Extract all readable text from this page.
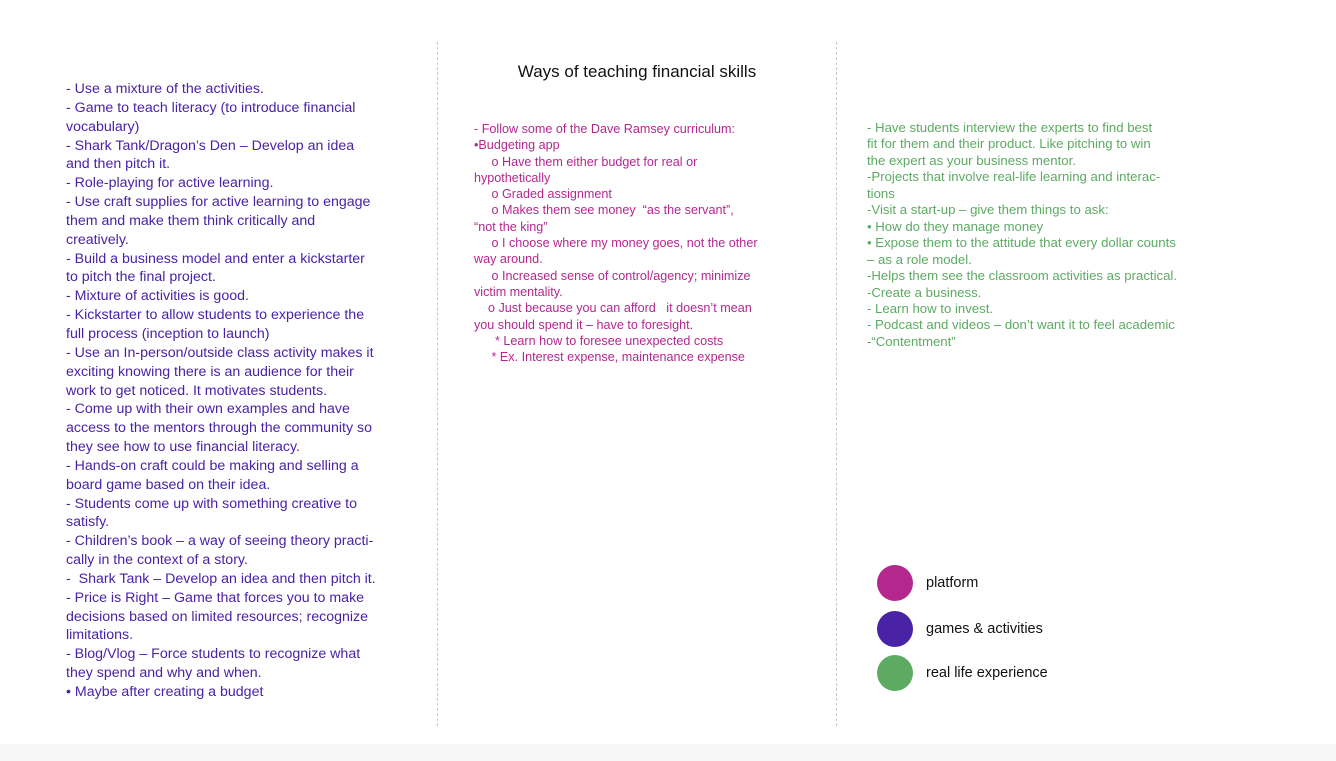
Ways of teaching financial skills
- Use a mixture of the activities.
- Game to teach literacy (to introduce financial
vocabulary)
- Shark Tank/Dragon’s Den – Develop an idea
and then pitch it.
- Role-playing for active learning.
- Use craft supplies for active learning to engage
them and make them think critically and
creatively.
- Build a business model and enter a kickstarter
to pitch the final project.
- Mixture of activities is good.
- Kickstarter to allow students to experience the
full process (inception to launch)
- Use an In-person/outside class activity makes it
exciting knowing there is an audience for their
work to get noticed. It motivates students.
- Come up with their own examples and have
access to the mentors through the community so
they see how to use financial literacy.
- Hands-on craft could be making and selling a
board game based on their idea.
- Students come up with something creative to
satisfy.
- Children’s book – a way of seeing theory practi-
cally in the context of a story.
-  Shark Tank – Develop an idea and then pitch it.
- Price is Right – Game that forces you to make
decisions based on limited resources; recognize
limitations.
- Blog/Vlog – Force students to recognize what
they spend and why and when.
• Maybe after creating a budget
- Follow some of the Dave Ramsey curriculum:
•Budgeting app
o Have them either budget for real or
hypothetically
o Graded assignment
o Makes them see money  “as the servant”,
“not the king”
o I choose where my money goes, not the other
way around.
o Increased sense of control/agency; minimize
victim mentality.
o Just because you can afford   it doesn’t mean
you should spend it – have to foresight.
* Learn how to foresee unexpected costs
* Ex. Interest expense, maintenance expense
- Have students interview the experts to find best
fit for them and their product. Like pitching to win
the expert as your business mentor.
-Projects that involve real-life learning and interac-
tions
-Visit a start-up – give them things to ask:
• How do they manage money
• Expose them to the attitude that every dollar counts
– as a role model.
-Helps them see the classroom activities as practical.
-Create a business.
- Learn how to invest.
- Podcast and videos – don’t want it to feel academic
-“Contentment”
platform
games & activities
real life experience
